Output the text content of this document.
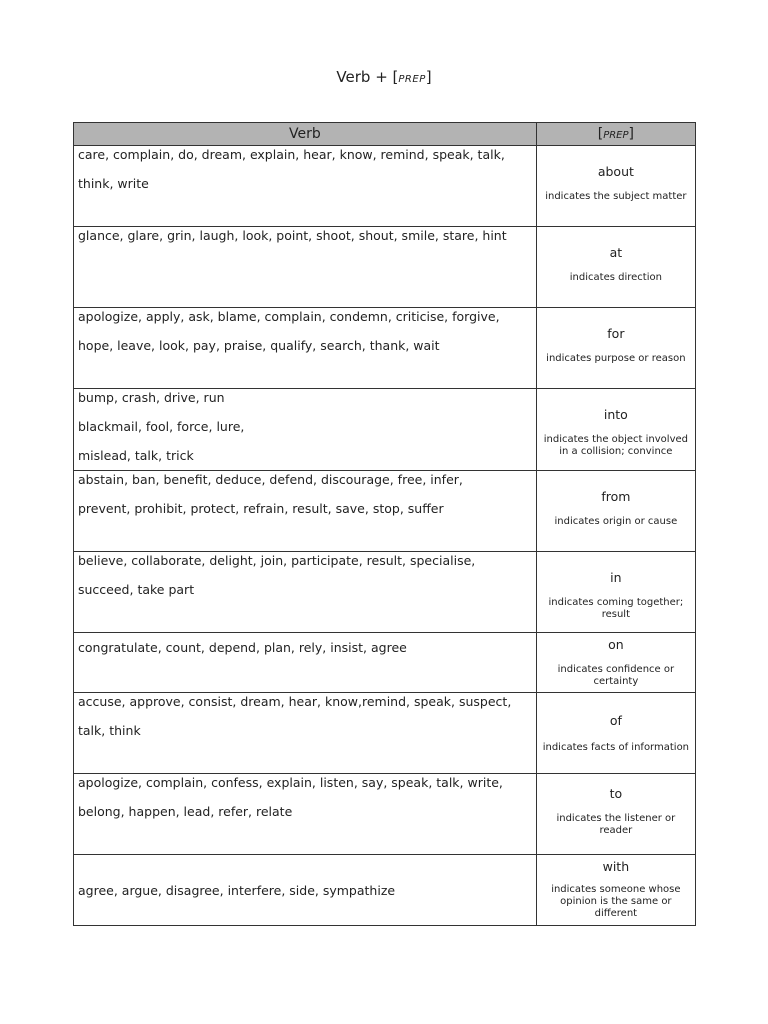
Verb + [PREP]
Verb	[PREP]

care, complain, do, dream, explain, hear, know, remind, speak, talk, think, write	about
indicates the subject matter

glance, glare, grin, laugh, look, point, shoot, shout, smile, stare, hint	at
indicates direction

apologize, apply, ask, blame, complain, condemn, criticise, forgive, hope, leave, look, pay, praise, qualify, search, thank, wait	for
indicates purpose or reason

bump, crash, drive, run blackmail, fool, force, lure, mislead, talk, trick	into
indicates the object involved in a collision; convince

abstain, ban, benefit, deduce, defend, discourage, free, infer, prevent, prohibit, protect, refrain, result, save, stop, suffer	from
indicates origin or cause

believe, collaborate, delight, join, participate, result, specialise, succeed, take part	in
indicates coming together; result

congratulate, count, depend, plan, rely, insist, agree	on
indicates confidence or certainty

accuse, approve, consist, dream, hear, know,remind, speak, suspect, talk, think	of
indicates facts of information

apologize, complain, confess, explain, listen, say, speak, talk, write, belong, happen, lead, refer, relate	to
indicates the listener or reader

agree, argue, disagree, interfere, side, sympathize	with
indicates someone whose opinion is the same or different
